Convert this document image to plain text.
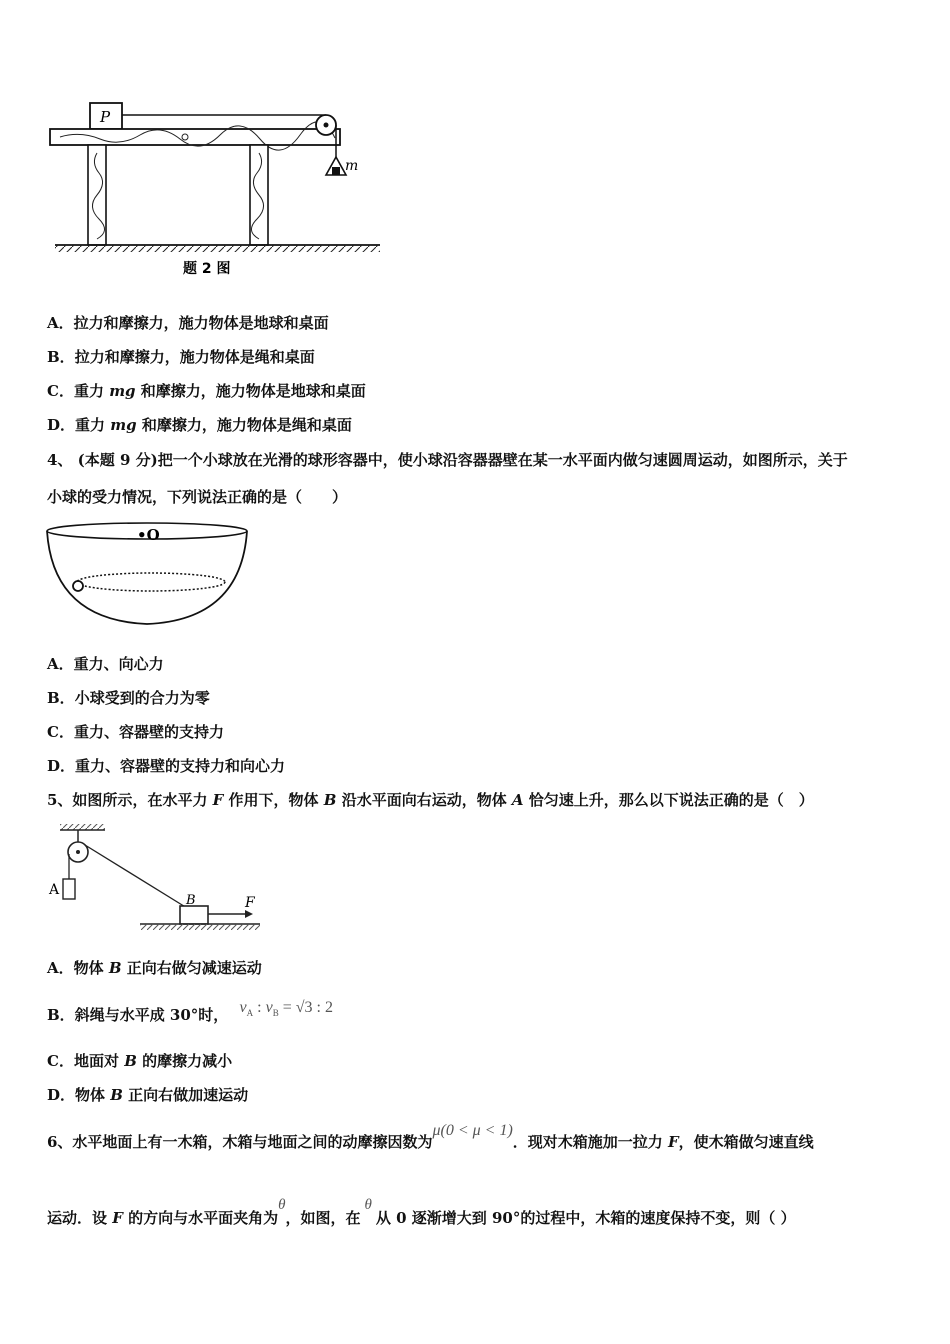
P
m
题 2 图
A．拉力和摩擦力，施力物体是地球和桌面
B．拉力和摩擦力，施力物体是绳和桌面
C．重力 mg 和摩擦力，施力物体是地球和桌面
D．重力 mg 和摩擦力，施力物体是绳和桌面
4、 (本题 9 分)把一个小球放在光滑的球形容器中，使小球沿容器器壁在某一水平面内做匀速圆周运动，如图所示，关于
小球的受力情况，下列说法正确的是（　　）
•O
A．重力、向心力
B．小球受到的合力为零
C．重力、容器壁的支持力
D．重力、容器壁的支持力和向心力
5、如图所示，在水平力 F 作用下，物体 B 沿水平面向右运动，物体 A 恰匀速上升，那么以下说法正确的是（　）
A
B	F
A．物体 B 正向右做匀减速运动
B．斜绳与水平成 30°时， $v_A$ : $v_B = √3$ : 2
C．地面对 B 的摩擦力减小
D．物体 B 正向右做加速运动
6、水平地面上有一木箱，木箱与地面之间的动摩擦因数为μ(0 < μ < 1)．现对木箱施加一拉力 F，使木箱做匀速直线
运动．设 F 的方向与水平面夹角为θ，如图，在θ从 0 逐渐增大到 90°的过程中，木箱的速度保持不变，则（ ）
